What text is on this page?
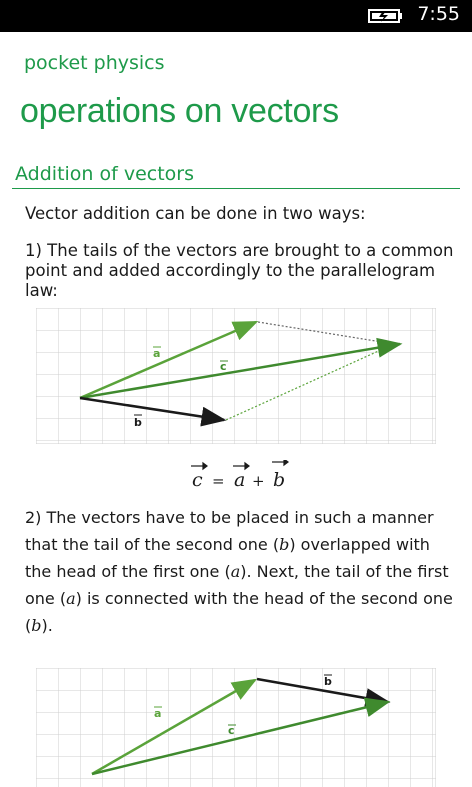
7:55
pocket physics
operations on vectors
Addition of vectors
Vector addition can be done in two ways:
1) The tails of the vectors are brought to a common point and added accordingly to the parallelogram law:
a
c
b
c = a + b
2) The vectors have to be placed in such a manner that the tail of the second one (b) overlapped with the head of the first one (a). Next, the tail of the first one (a) is connected with the head of the second one (b).
a
b
c
